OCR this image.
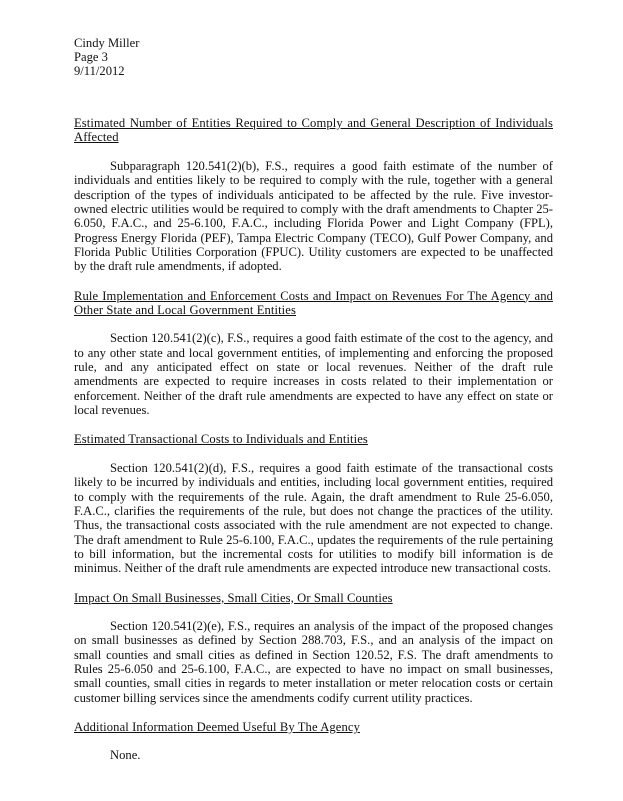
Cindy Miller

Page 3

9/11/2012

Estimated Number of Entities Required to Comply and General Description of Individuals Affected

Subparagraph 120.541(2)(b), F.S., requires a good faith estimate of the number of individuals and entities likely to be required to comply with the rule, together with a general description of the types of individuals anticipated to be affected by the rule. Five investor-owned electric utilities would be required to comply with the draft amendments to Chapter 25-6.050, F.A.C., and 25-6.100, F.A.C., including Florida Power and Light Company (FPL), Progress Energy Florida (PEF), Tampa Electric Company (TECO), Gulf Power Company, and Florida Public Utilities Corporation (FPUC). Utility customers are expected to be unaffected by the draft rule amendments, if adopted.

Rule Implementation and Enforcement Costs and Impact on Revenues For The Agency and Other State and Local Government Entities

Section 120.541(2)(c), F.S., requires a good faith estimate of the cost to the agency, and to any other state and local government entities, of implementing and enforcing the proposed rule, and any anticipated effect on state or local revenues. Neither of the draft rule amendments are expected to require increases in costs related to their implementation or enforcement. Neither of the draft rule amendments are expected to have any effect on state or local revenues.

Estimated Transactional Costs to Individuals and Entities

Section 120.541(2)(d), F.S., requires a good faith estimate of the transactional costs likely to be incurred by individuals and entities, including local government entities, required to comply with the requirements of the rule. Again, the draft amendment to Rule 25-6.050, F.A.C., clarifies the requirements of the rule, but does not change the practices of the utility. Thus, the transactional costs associated with the rule amendment are not expected to change. The draft amendment to Rule 25-6.100, F.A.C., updates the requirements of the rule pertaining to bill information, but the incremental costs for utilities to modify bill information is de minimus. Neither of the draft rule amendments are expected introduce new transactional costs.

Impact On Small Businesses, Small Cities, Or Small Counties

Section 120.541(2)(e), F.S., requires an analysis of the impact of the proposed changes on small businesses as defined by Section 288.703, F.S., and an analysis of the impact on small counties and small cities as defined in Section 120.52, F.S. The draft amendments to Rules 25-6.050 and 25-6.100, F.A.C., are expected to have no impact on small businesses, small counties, small cities in regards to meter installation or meter relocation costs or certain customer billing services since the amendments codify current utility practices.

Additional Information Deemed Useful By The Agency

None.
